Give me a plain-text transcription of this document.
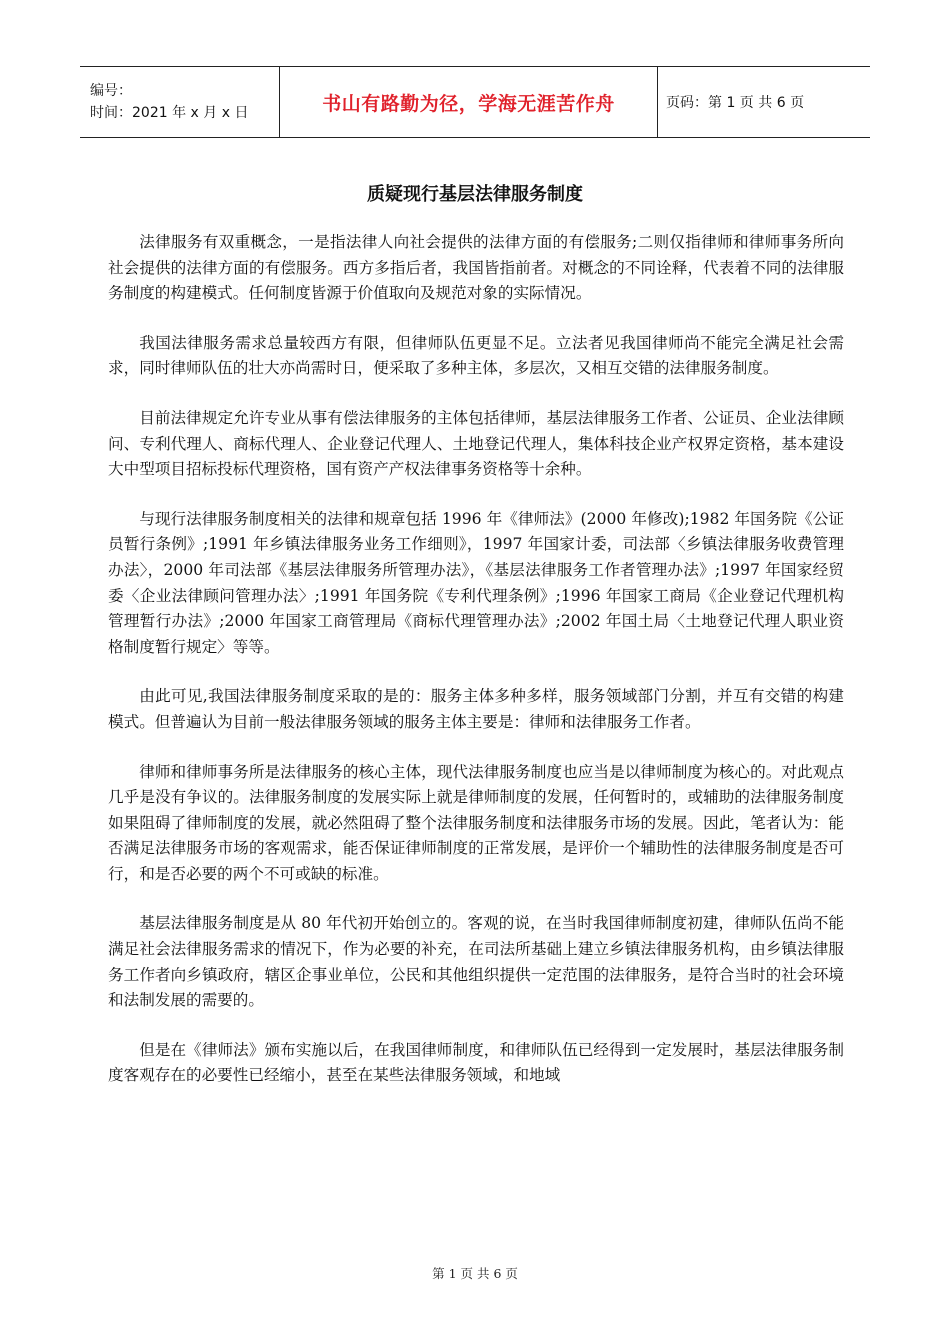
编号：
时间：2021 年 x 月 x 日	书山有路勤为径，学海无涯苦作舟	页码：第 1 页 共 6 页
质疑现行基层法律服务制度

法律服务有双重概念，一是指法律人向社会提供的法律方面的有偿服务;二则仅指律师和律师事务所向社会提供的法律方面的有偿服务。西方多指后者，我国皆指前者。对概念的不同诠释，代表着不同的法律服务制度的构建模式。任何制度皆源于价值取向及规范对象的实际情况。

我国法律服务需求总量较西方有限，但律师队伍更显不足。立法者见我国律师尚不能完全满足社会需求，同时律师队伍的壮大亦尚需时日，便采取了多种主体，多层次，又相互交错的法律服务制度。

目前法律规定允许专业从事有偿法律服务的主体包括律师，基层法律服务工作者、公证员、企业法律顾问、专利代理人、商标代理人、企业登记代理人、土地登记代理人，集体科技企业产权界定资格，基本建设大中型项目招标投标代理资格，国有资产产权法律事务资格等十余种。

与现行法律服务制度相关的法律和规章包括 1996 年《律师法》(2000 年修改);1982 年国务院《公证员暂行条例》;1991 年乡镇法律服务业务工作细则》，1997 年国家计委，司法部〈乡镇法律服务收费管理办法〉，2000 年司法部《基层法律服务所管理办法》，《基层法律服务工作者管理办法》;1997 年国家经贸委〈企业法律顾问管理办法〉;1991 年国务院《专利代理条例》;1996 年国家工商局《企业登记代理机构管理暂行办法》;2000 年国家工商管理局《商标代理管理办法》;2002 年国土局〈土地登记代理人职业资格制度暂行规定〉等等。

由此可见,我国法律服务制度采取的是的：服务主体多种多样，服务领域部门分割，并互有交错的构建模式。但普遍认为目前一般法律服务领域的服务主体主要是：律师和法律服务工作者。

律师和律师事务所是法律服务的核心主体，现代法律服务制度也应当是以律师制度为核心的。对此观点几乎是没有争议的。法律服务制度的发展实际上就是律师制度的发展，任何暂时的，或辅助的法律服务制度如果阻碍了律师制度的发展，就必然阻碍了整个法律服务制度和法律服务市场的发展。因此，笔者认为：能否满足法律服务市场的客观需求，能否保证律师制度的正常发展，是评价一个辅助性的法律服务制度是否可行，和是否必要的两个不可或缺的标准。

基层法律服务制度是从 80 年代初开始创立的。客观的说，在当时我国律师制度初建，律师队伍尚不能满足社会法律服务需求的情况下，作为必要的补充，在司法所基础上建立乡镇法律服务机构，由乡镇法律服务工作者向乡镇政府，辖区企事业单位，公民和其他组织提供一定范围的法律服务，是符合当时的社会环境和法制发展的需要的。

但是在《律师法》颁布实施以后，在我国律师制度，和律师队伍已经得到一定发展时，基层法律服务制度客观存在的必要性已经缩小，甚至在某些法律服务领域，和地域

第 1 页 共 6 页
